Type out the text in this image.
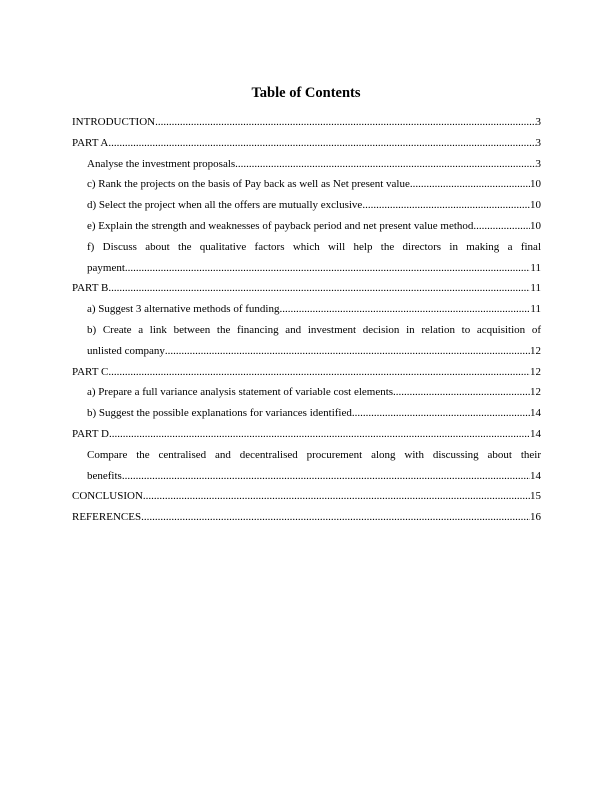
Table of Contents
INTRODUCTION .....	3
PART A .....	3
Analyse the investment proposals .....	3
c) Rank the projects on the basis of Pay back as well as Net present value .....	10
d) Select the project when all the offers are mutually exclusive .....	10
e) Explain the strength and weaknesses of payback period and net present value method .....	10
f) Discuss about the qualitative factors which will help the directors in making a final
payment .....	11
PART B .....	11
a) Suggest 3 alternative methods of funding .....	11
b) Create a link between the financing and investment decision in relation to acquisition of
unlisted company .....	12
PART C .....	12
a) Prepare a full variance analysis statement of variable cost elements .....	12
b) Suggest the possible explanations for variances identified .....	14
PART D .....	14
Compare the centralised and decentralised procurement along with discussing about their
benefits .....	14
CONCLUSION .....	15
REFERENCES .....	16
